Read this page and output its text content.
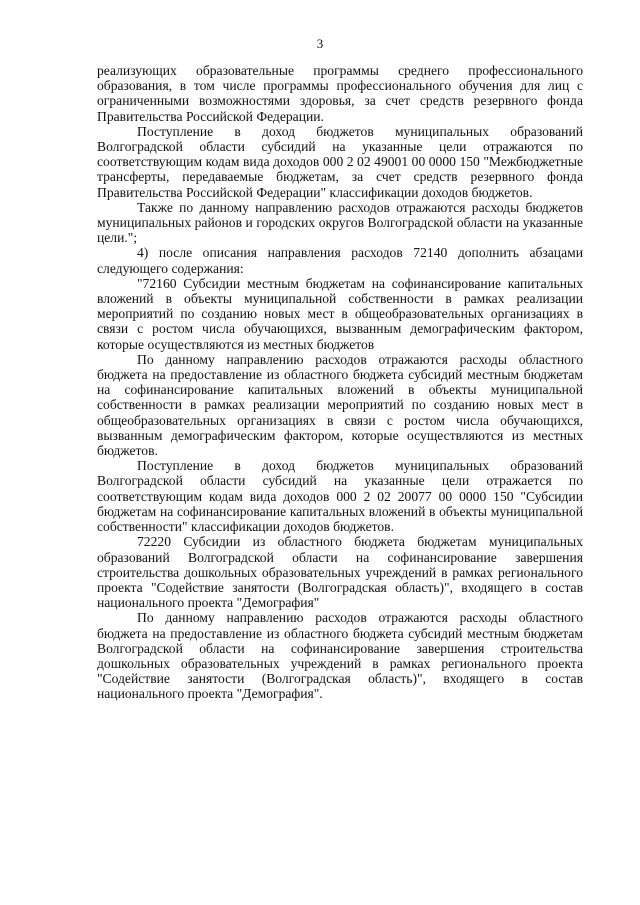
3

реализующих образовательные программы среднего профессионального образования, в том числе программы профессионального обучения для лиц с ограниченными возможностями здоровья, за счет средств резервного фонда Правительства Российской Федерации.

Поступление в доход бюджетов муниципальных образований Волгоградской области субсидий на указанные цели отражаются по соответствующим кодам вида доходов 000 2 02 49001 00 0000 150 "Межбюджетные трансферты, передаваемые бюджетам, за счет средств резервного фонда Правительства Российской Федерации" классификации доходов бюджетов.

Также по данному направлению расходов отражаются расходы бюджетов муниципальных районов и городских округов Волгоградской области на указанные цели.";

4) после описания направления расходов 72140 дополнить абзацами следующего содержания:

"72160 Субсидии местным бюджетам на софинансирование капитальных вложений в объекты муниципальной собственности в рамках реализации мероприятий по созданию новых мест в общеобразовательных организациях в связи с ростом числа обучающихся, вызванным демографическим фактором, которые осуществляются из местных бюджетов

По данному направлению расходов отражаются расходы областного бюджета на предоставление из областного бюджета субсидий местным бюджетам на софинансирование капитальных вложений в объекты муниципальной собственности в рамках реализации мероприятий по созданию новых мест в общеобразовательных организациях в связи с ростом числа обучающихся, вызванным демографическим фактором, которые осуществляются из местных бюджетов.

Поступление в доход бюджетов муниципальных образований Волгоградской области субсидий на указанные цели отражается по соответствующим кодам вида доходов 000 2 02 20077 00 0000 150 "Субсидии бюджетам на софинансирование капитальных вложений в объекты муниципальной собственности" классификации доходов бюджетов.

72220 Субсидии из областного бюджета бюджетам муниципальных образований Волгоградской области на софинансирование завершения строительства дошкольных образовательных учреждений в рамках регионального проекта "Содействие занятости (Волгоградская область)", входящего в состав национального проекта "Демография"

По данному направлению расходов отражаются расходы областного бюджета на предоставление из областного бюджета субсидий местным бюджетам Волгоградской области на софинансирование завершения строительства дошкольных образовательных учреждений в рамках регионального проекта "Содействие занятости (Волгоградская область)", входящего в состав национального проекта "Демография".
